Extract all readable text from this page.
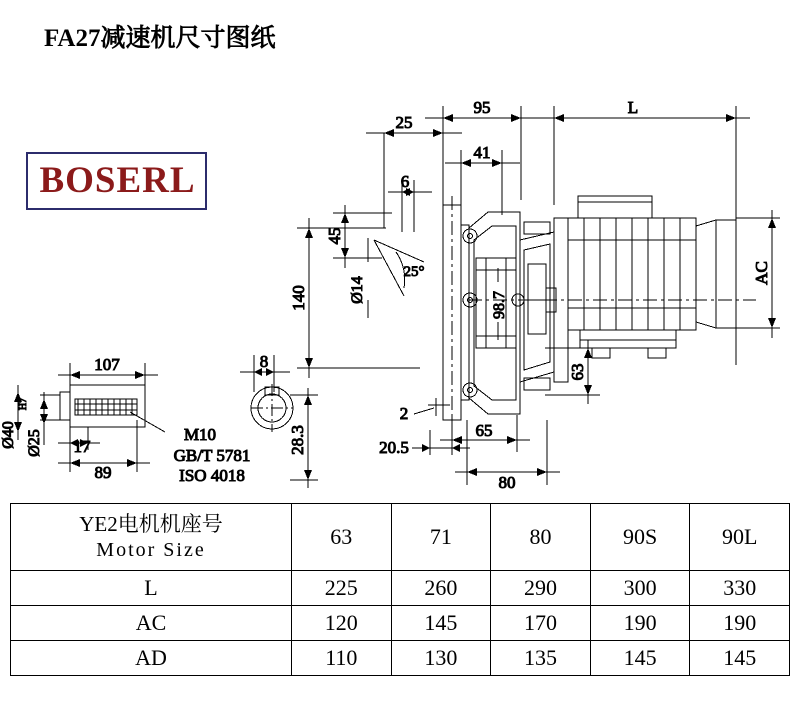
FA27减速机尺寸图纸
BOSERL
95	L
25
41
6
45
140	Ø14
25°
98.7
AC
63
2
20.5
65
80
107
Ø40 Ø25
H7
17
89
M10
GB/T 5781
ISO 4018
8
28.3
YE2电机机座号
Motor Size	63	71	80	90S	90L
L	225	260	290	300	330
AC	120	145	170	190	190
AD	110	130	135	145	145
